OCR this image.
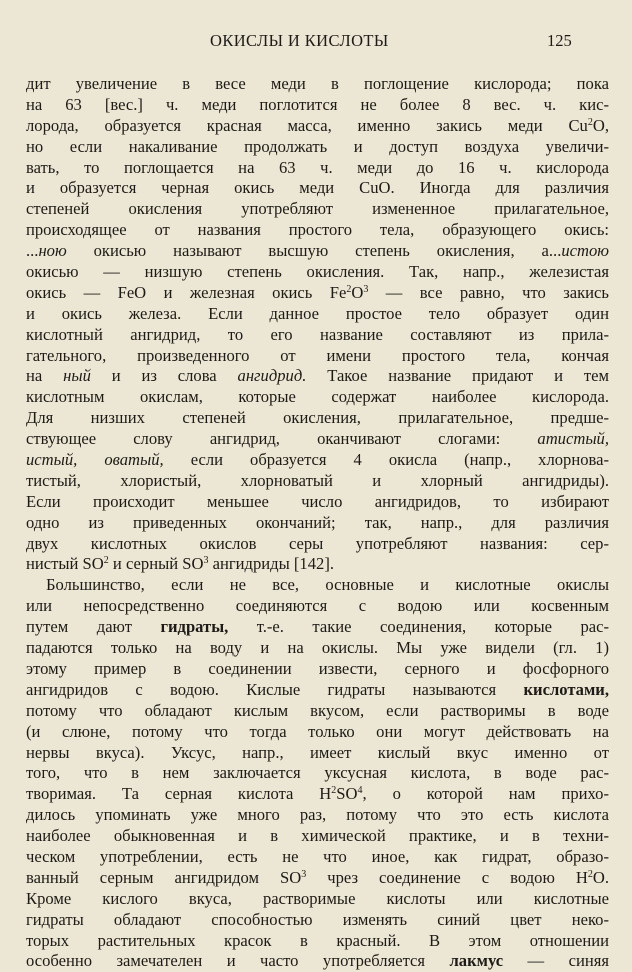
ОКИСЛЫ И КИСЛОТЫ	125
дит увеличение в весе меди в поглощение кислорода; пока
на 63 [вес.] ч. меди поглотится не более 8 вес. ч. кис-
лорода, образуется красная масса, именно закись меди Cu$^2$O,
но если накаливание продолжать и доступ воздуха увеличи-
вать, то поглощается на 63 ч. меди до 16 ч. кислорода
и образуется черная окись меди CuO. Иногда для различия
степеней окисления употребляют измененное прилагательное,
происходящее от названия простого тела, образующего окись:
...ною окисью называют высшую степень окисления, а...истою
окисью — низшую степень окисления. Так, напр., железистая
окись — FeO и железная окись $Fe^2O^3$ — все равно, что закись
и окись железа. Если данное простое тело образует один
кислотный ангидрид, то его название составляют из прила-
гательного, произведенного от имени простого тела, кончая
на ный и из слова ангидрид. Такое название придают и тем
кислотным окислам, которые содержат наиболее кислорода.
Для низших степеней окисления, прилагательное, предше-
ствующее слову ангидрид, оканчивают слогами: атистый,
истый, оватый, если образуется 4 окисла (напр., хлорнова-
тистый, хлористый, хлорноватый и хлорный ангидриды).
Если происходит меньшее число ангидридов, то избирают
одно из приведенных окончаний; так, напр., для различия
двух кислотных окислов серы употребляют названия: сер-
нистый $SO^2$ и серный $SO^3$ ангидриды [142].
Большинство, если не все, основные и кислотные окислы
или непосредственно соединяются с водою или косвенным
путем дают гидраты, т.-е. такие соединения, которые рас-
падаются только на воду и на окислы. Мы уже видели (гл. 1)
этому пример в соединении извести, серного и фосфорного
ангидридов с водою. Кислые гидраты называются кислотами,
потому что обладают кислым вкусом, если растворимы в воде
(и слюне, потому что тогда только они могут действовать на
нервы вкуса). Уксус, напр., имеет кислый вкус именно от
того, что в нем заключается уксусная кислота, в воде рас-
творимая. Та серная кислота $H^2SO^4$, о которой нам прихо-
дилось упоминать уже много раз, потому что это есть кислота
наиболее обыкновенная и в химической практике, и в техни-
ческом употреблении, есть не что иное, как гидрат, образо-
ванный серным ангидридом $SO^3$ чрез соединение с водою $H^2O$.
Кроме кислого вкуса, растворимые кислоты или кислотные
гидраты обладают способностью изменять синий цвет неко-
торых растительных красок в красный. В этом отношении
особенно замечателен и часто употребляется лакмус — синяя
